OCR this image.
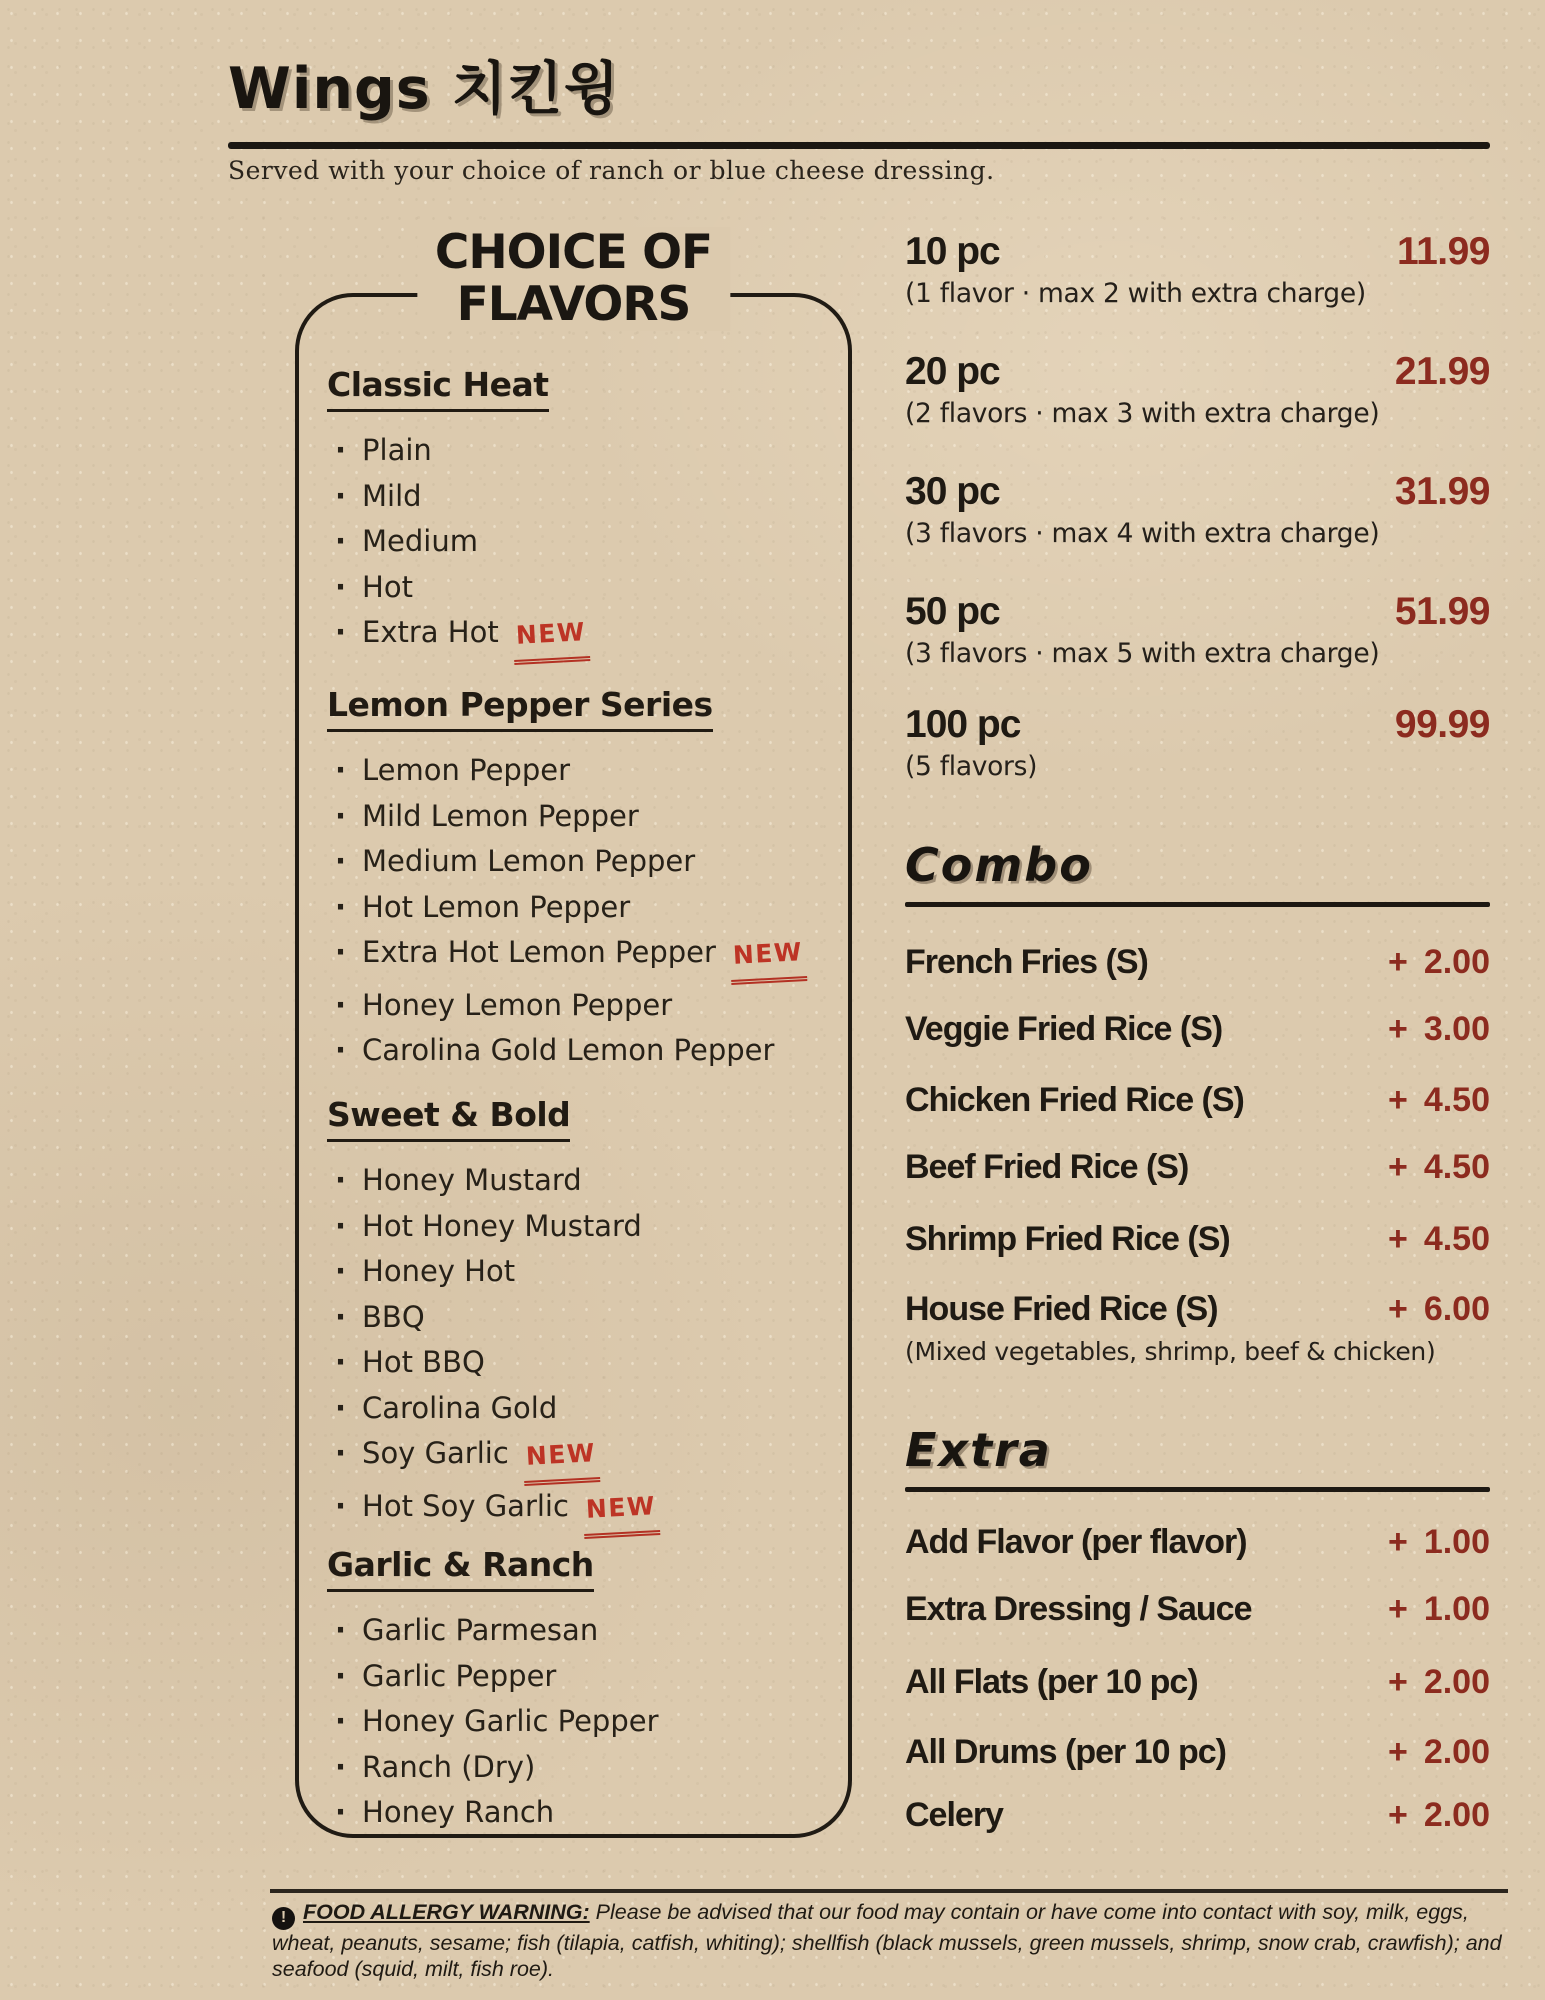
Wings 치킨윙

Served with your choice of ranch or blue cheese dressing.

CHOICE OF
FLAVORS
Classic Heat
· Plain
· Mild
· Medium
· Hot
· Extra Hot NEW
Lemon Pepper Series
· Lemon Pepper
· Mild Lemon Pepper
· Medium Lemon Pepper
· Hot Lemon Pepper
· Extra Hot Lemon Pepper NEW
· Honey Lemon Pepper
· Carolina Gold Lemon Pepper
Sweet & Bold
· Honey Mustard
· Hot Honey Mustard
· Honey Hot
· BBQ
· Hot BBQ
· Carolina Gold
· Soy Garlic NEW
· Hot Soy Garlic NEW
Garlic & Ranch
· Garlic Parmesan
· Garlic Pepper
· Honey Garlic Pepper
· Ranch (Dry)
· Honey Ranch
10 pc	11.99
(1 flavor · max 2 with extra charge)
20 pc	21.99
(2 flavors · max 3 with extra charge)
30 pc	31.99
(3 flavors · max 4 with extra charge)
50 pc	51.99
(3 flavors · max 5 with extra charge)
100 pc	99.99
(5 flavors)
Combo
French Fries (S)	+ 2.00
Veggie Fried Rice (S)	+ 3.00
Chicken Fried Rice (S)	+ 4.50
Beef Fried Rice (S)	+ 4.50
Shrimp Fried Rice (S)	+ 4.50
House Fried Rice (S)	+ 6.00
(Mixed vegetables, shrimp, beef & chicken)
Extra
Add Flavor (per flavor)	+ 1.00
Extra Dressing / Sauce	+ 1.00
All Flats (per 10 pc)	+ 2.00
All Drums (per 10 pc)	+ 2.00
Celery	+ 2.00

! FOOD ALLERGY WARNING: Please be advised that our food may contain or have come into contact with soy, milk, eggs, wheat, peanuts, sesame; fish (tilapia, catfish, whiting); shellfish (black mussels, green mussels, shrimp, snow crab, crawfish); and seafood (squid, milt, fish roe).
